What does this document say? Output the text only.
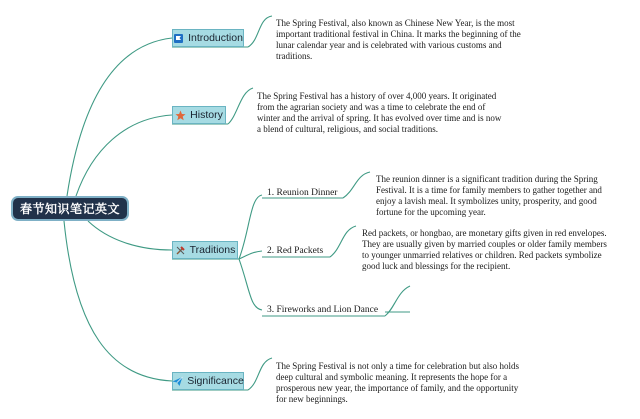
春节知识笔记英文
Introduction
The Spring Festival, also known as Chinese New Year, is the most important traditional festival in China. It marks the beginning of the lunar calendar year and is celebrated with various customs and traditions.
History
The Spring Festival has a history of over 4,000 years. It originated from the agrarian society and was a time to celebrate the end of winter and the arrival of spring. It has evolved over time and is now a blend of cultural, religious, and social traditions.
Traditions
1. Reunion Dinner
The reunion dinner is a significant tradition during the Spring Festival. It is a time for family members to gather together and enjoy a lavish meal. It symbolizes unity, prosperity, and good fortune for the upcoming year.
2. Red Packets
Red packets, or hongbao, are monetary gifts given in red envelopes. They are usually given by married couples or older family members to younger unmarried relatives or children. Red packets symbolize good luck and blessings for the recipient.
3. Fireworks and Lion Dance
Significance
The Spring Festival is not only a time for celebration but also holds deep cultural and symbolic meaning. It represents the hope for a prosperous new year, the importance of family, and the opportunity for new beginnings.
